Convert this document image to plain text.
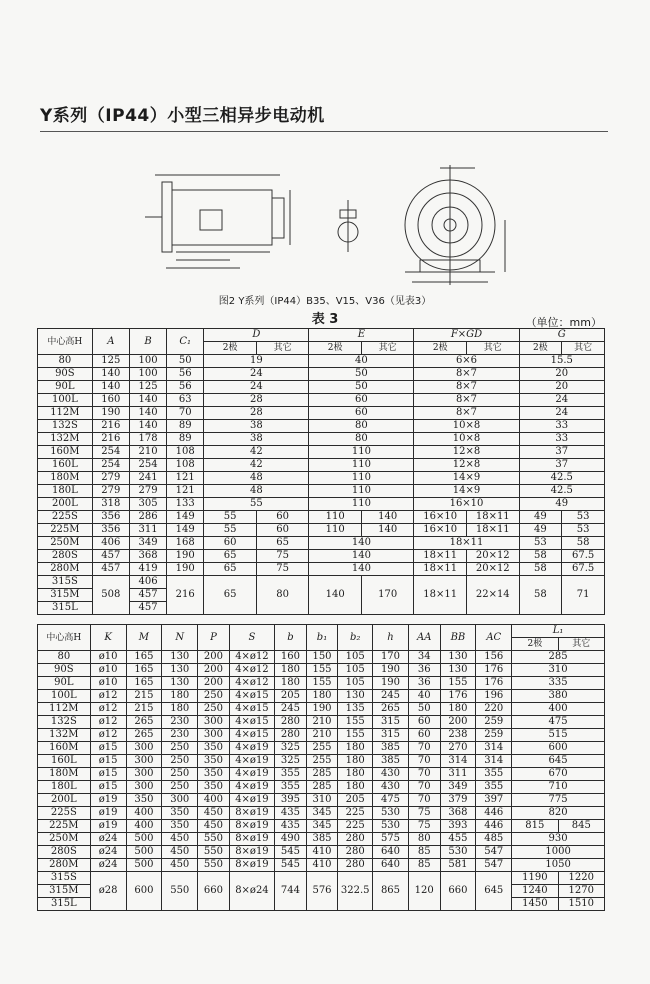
Y系列（IP44）小型三相异步电动机
图2 Y系列（IP44）B35、V15、V36（见表3）
表 3	（单位：mm）
中心高H	A	B	C₁	D		E		F×GD		G	
				2极	其它	2极	其它	2极	其它	2极	其它
80	125	100	50	19		40		6×6		15.5	
90S	140	100	56	24		50		8×7		20	
90L	140	125	56	24		50		8×7		20	
100L	160	140	63	28		60		8×7		24	
112M	190	140	70	28		60		8×7		24	
132S	216	140	89	38		80		10×8		33	
132M	216	178	89	38		80		10×8		33	
160M	254	210	108	42		110		12×8		37	
160L	254	254	108	42		110		12×8		37	
180M	279	241	121	48		110		14×9		42.5	
180L	279	279	121	48		110		14×9		42.5	
200L	318	305	133	55		110		16×10		49	
225S	356	286	149	55	60	110	140	16×10	18×11	49	53
225M	356	311	149	55	60	110	140	16×10	18×11	49	53
250M	406	349	168	60	65	140		18×11		53	58
280S	457	368	190	65	75	140		18×11	20×12	58	67.5
280M	457	419	190	65	75	140		18×11	20×12	58	67.5
315S	508	406	216	65	80	140	170	18×11	22×14	58	71
315M		457									
315L		457									
中心高H	K	M	N	P	S	b	b₁	b₂	h	AA	BB	AC	L₁	
													2极	其它
80	ø10	165	130	200	4×ø12	160	150	105	170	34	130	156	285	
90S	ø10	165	130	200	4×ø12	180	155	105	190	36	130	176	310	
90L	ø10	165	130	200	4×ø12	180	155	105	190	36	155	176	335	
100L	ø12	215	180	250	4×ø15	205	180	130	245	40	176	196	380	
112M	ø12	215	180	250	4×ø15	245	190	135	265	50	180	220	400	
132S	ø12	265	230	300	4×ø15	280	210	155	315	60	200	259	475	
132M	ø12	265	230	300	4×ø15	280	210	155	315	60	238	259	515	
160M	ø15	300	250	350	4×ø19	325	255	180	385	70	270	314	600	
160L	ø15	300	250	350	4×ø19	325	255	180	385	70	314	314	645	
180M	ø15	300	250	350	4×ø19	355	285	180	430	70	311	355	670	
180L	ø15	300	250	350	4×ø19	355	285	180	430	70	349	355	710	
200L	ø19	350	300	400	4×ø19	395	310	205	475	70	379	397	775	
225S	ø19	400	350	450	8×ø19	435	345	225	530	75	368	446	820	
225M	ø19	400	350	450	8×ø19	435	345	225	530	75	393	446	815	845
250M	ø24	500	450	550	8×ø19	490	385	280	575	80	455	485	930	
280S	ø24	500	450	550	8×ø19	545	410	280	640	85	530	547	1000	
280M	ø24	500	450	550	8×ø19	545	410	280	640	85	581	547	1050	
315S	ø28	600	550	660	8×ø24	744	576	322.5	865	120	660	645	1190	1220
315M													1240	1270
315L													1450	1510
